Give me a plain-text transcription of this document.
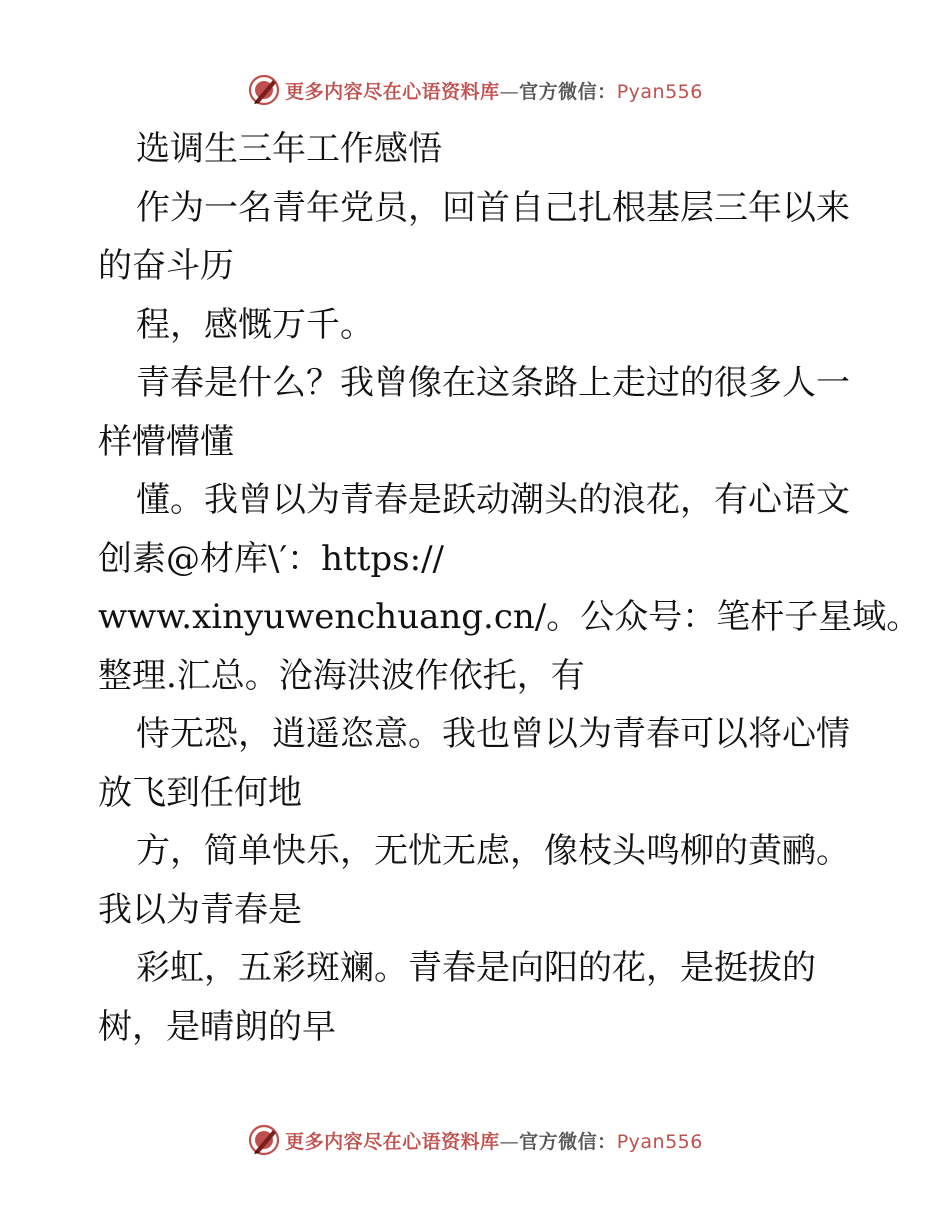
更多内容尽在心语资料库—官方微信：Pyan556
选调生三年工作感悟
作为一名青年党员，回首自己扎根基层三年以来
的奋斗历
程，感慨万千。
青春是什么？我曾像在这条路上走过的很多人一
样懵懵懂
懂。我曾以为青春是跃动潮头的浪花，有心语文
创素@材库\′：https://
www.xinyuwenchuang.cn/。公众号：笔杆子星域。
整理.汇总。沧海洪波作依托，有
恃无恐，逍遥恣意。我也曾以为青春可以将心情
放飞到任何地
方，简单快乐，无忧无虑，像枝头鸣柳的黄鹂。
我以为青春是
彩虹，五彩斑斓。青春是向阳的花，是挺拔的
树，是晴朗的早
更多内容尽在心语资料库—官方微信：Pyan556
